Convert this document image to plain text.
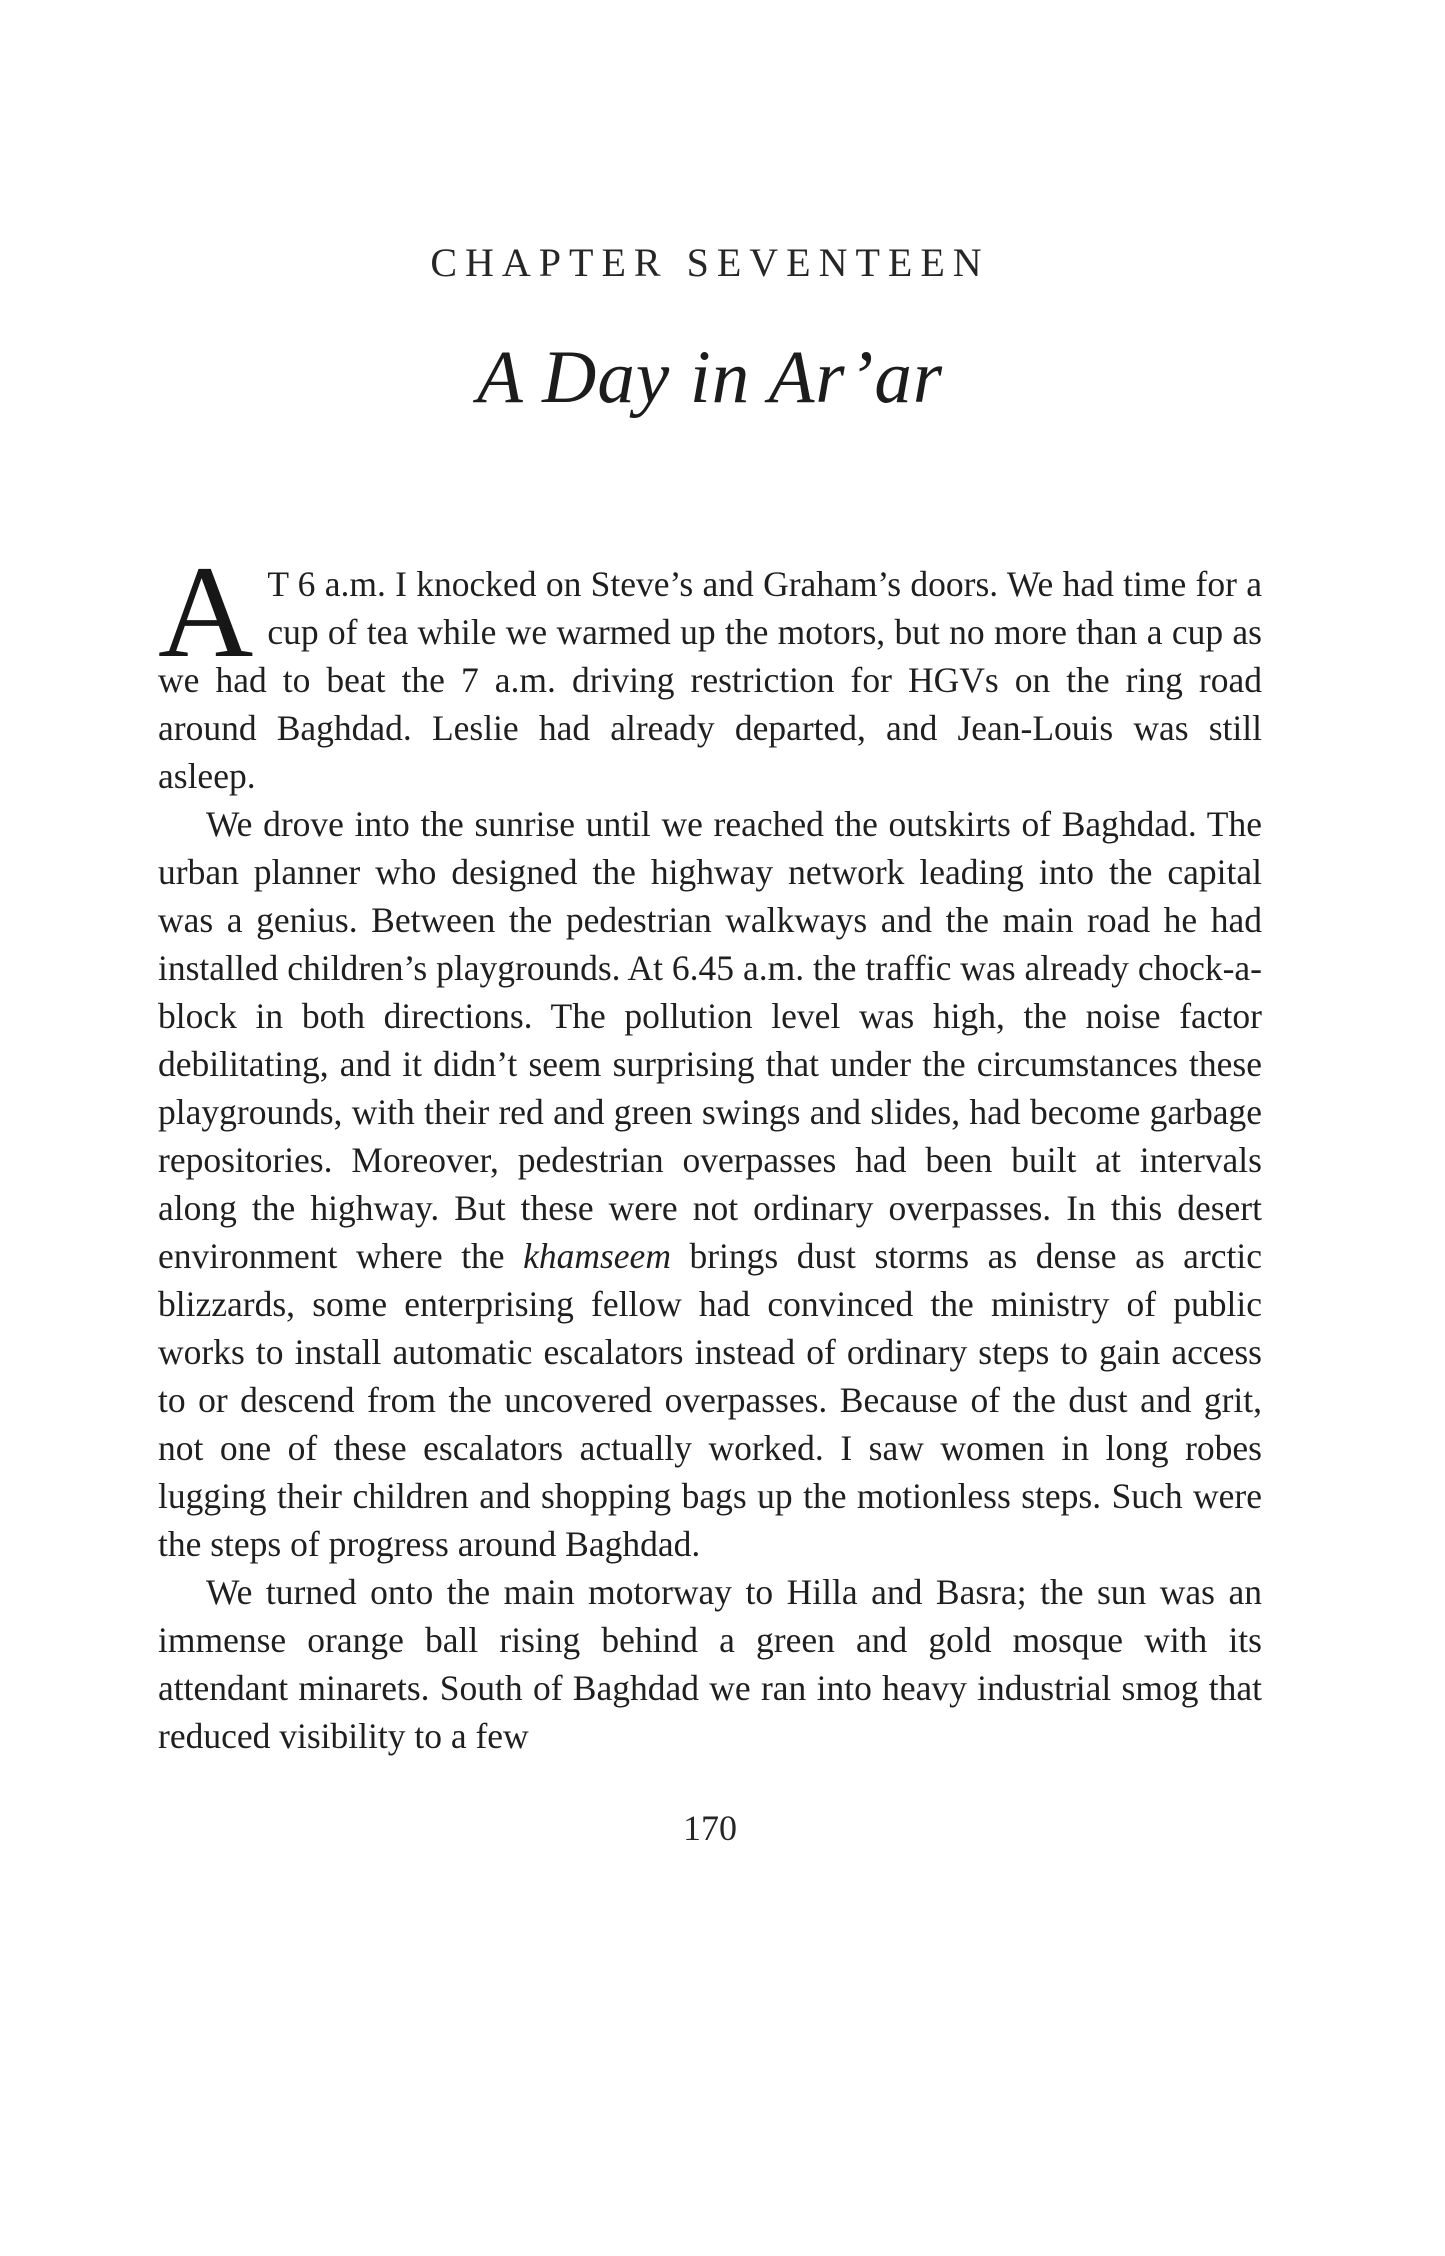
CHAPTER SEVENTEEN
A Day in Ar’ar

A T 6 a.m. I knocked on Steve’s and Graham’s doors. We had time for a cup of tea while we warmed up the motors, but no more than a cup as we had to beat the 7 a.m. driving restriction for HGVs on the ring road around Baghdad. Leslie had already departed, and Jean-Louis was still asleep.

We drove into the sunrise until we reached the outskirts of Baghdad. The urban planner who designed the highway network leading into the capital was a genius. Between the pedestrian walkways and the main road he had installed children’s playgrounds. At 6.45 a.m. the traffic was already chock-a-block in both directions. The pollution level was high, the noise factor debilitating, and it didn’t seem surprising that under the circumstances these playgrounds, with their red and green swings and slides, had become garbage repositories. Moreover, pedestrian overpasses had been built at intervals along the highway. But these were not ordinary overpasses. In this desert environment where the khamseem brings dust storms as dense as arctic blizzards, some enterprising fellow had convinced the ministry of public works to install automatic escalators instead of ordinary steps to gain access to or descend from the uncovered overpasses. Because of the dust and grit, not one of these escalators actually worked. I saw women in long robes lugging their children and shopping bags up the motionless steps. Such were the steps of progress around Baghdad.

We turned onto the main motorway to Hilla and Basra; the sun was an immense orange ball rising behind a green and gold mosque with its attendant minarets. South of Baghdad we ran into heavy industrial smog that reduced visibility to a few

170
